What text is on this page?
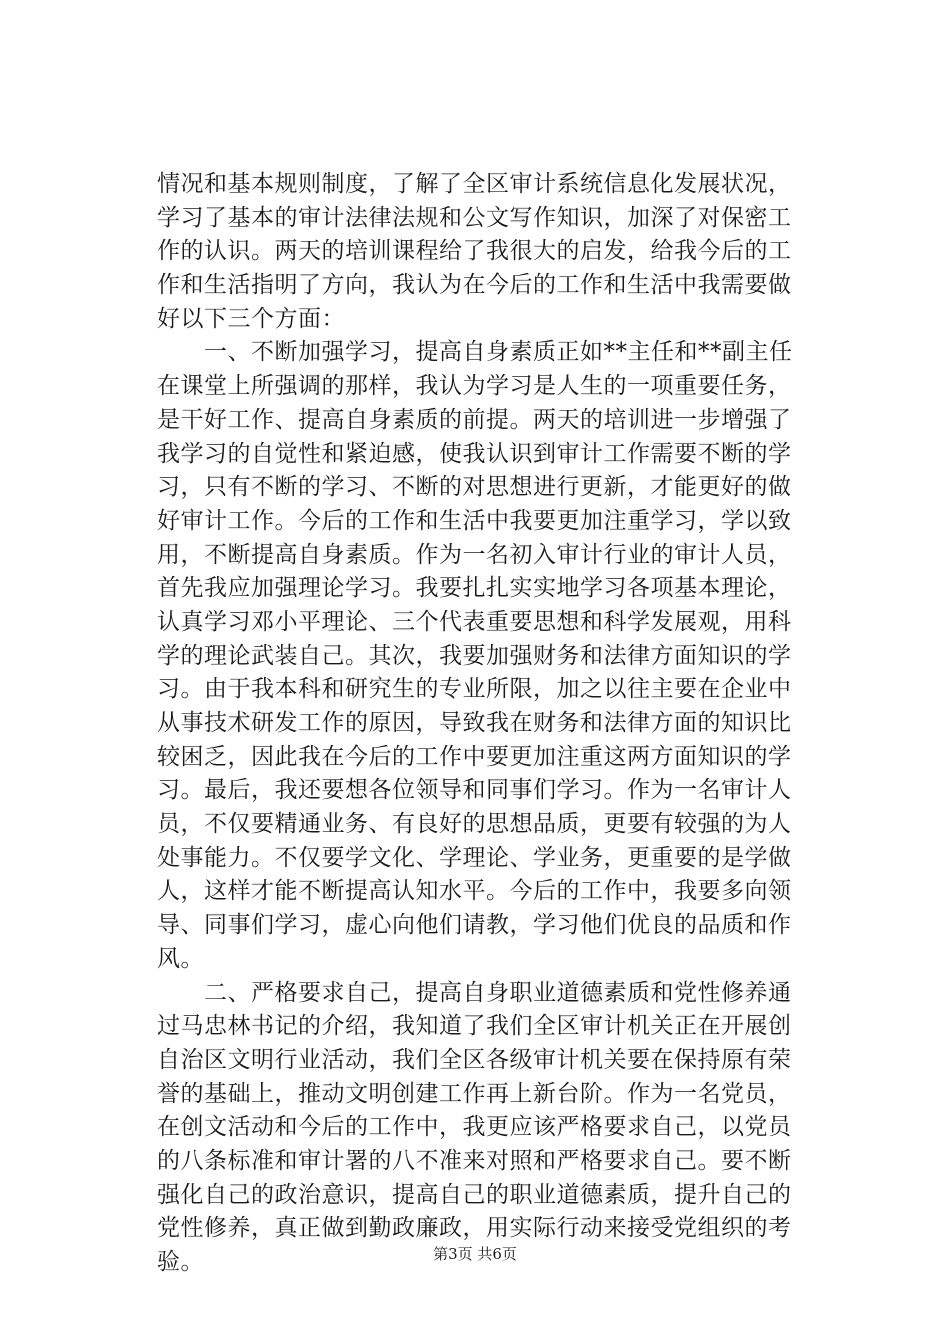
情况和基本规则制度，了解了全区审计系统信息化发展状况，
学习了基本的审计法律法规和公文写作知识，加深了对保密工
作的认识。两天的培训课程给了我很大的启发，给我今后的工
作和生活指明了方向，我认为在今后的工作和生活中我需要做
好以下三个方面：
　　一、不断加强学习，提高自身素质正如**主任和**副主任
在课堂上所强调的那样，我认为学习是人生的一项重要任务，
是干好工作、提高自身素质的前提。两天的培训进一步增强了
我学习的自觉性和紧迫感，使我认识到审计工作需要不断的学
习，只有不断的学习、不断的对思想进行更新，才能更好的做
好审计工作。今后的工作和生活中我要更加注重学习，学以致
用，不断提高自身素质。作为一名初入审计行业的审计人员，
首先我应加强理论学习。我要扎扎实实地学习各项基本理论，
认真学习邓小平理论、三个代表重要思想和科学发展观，用科
学的理论武装自己。其次，我要加强财务和法律方面知识的学
习。由于我本科和研究生的专业所限，加之以往主要在企业中
从事技术研发工作的原因，导致我在财务和法律方面的知识比
较困乏，因此我在今后的工作中要更加注重这两方面知识的学
习。最后，我还要想各位领导和同事们学习。作为一名审计人
员，不仅要精通业务、有良好的思想品质，更要有较强的为人
处事能力。不仅要学文化、学理论、学业务，更重要的是学做
人，这样才能不断提高认知水平。今后的工作中，我要多向领
导、同事们学习，虚心向他们请教，学习他们优良的品质和作
风。
　　二、严格要求自己，提高自身职业道德素质和党性修养通
过马忠林书记的介绍，我知道了我们全区审计机关正在开展创
自治区文明行业活动，我们全区各级审计机关要在保持原有荣
誉的基础上，推动文明创建工作再上新台阶。作为一名党员，
在创文活动和今后的工作中，我更应该严格要求自己，以党员
的八条标准和审计署的八不准来对照和严格要求自己。要不断
强化自己的政治意识，提高自己的职业道德素质，提升自己的
党性修养，真正做到勤政廉政，用实际行动来接受党组织的考
验。	第3页 共6页
